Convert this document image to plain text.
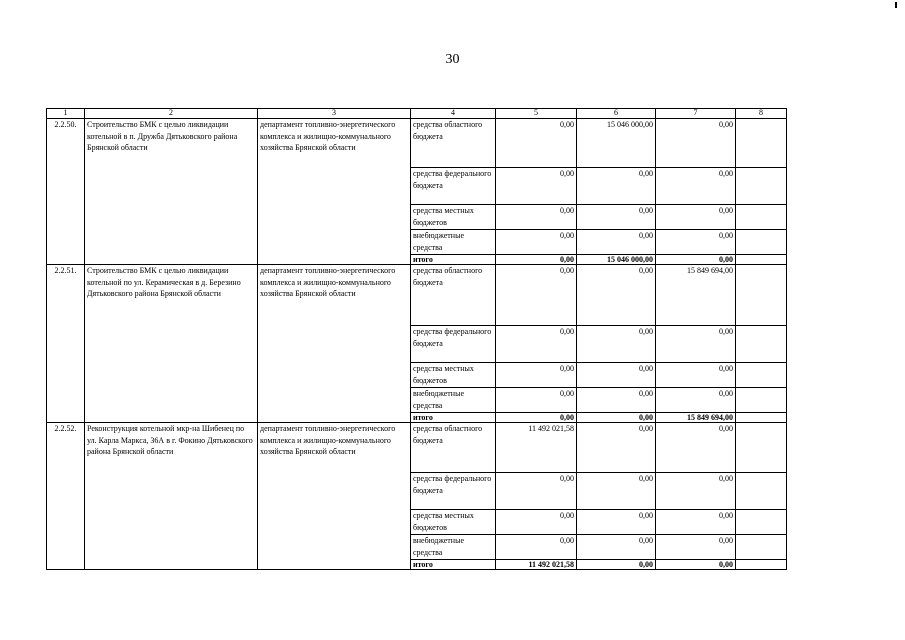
30
1	2	3	4	5	6	7	8
2.2.50.	Строительство БМК с целью ликвидации котельной в п. Дружба Дятьковского района Брянской области	департамент топливно-энергетического комплекса и жилищно-коммунального хозяйства Брянской области	средства областного бюджета	0,00	15 046 000,00	0,00	
			средства федерального бюджета	0,00	0,00	0,00	
			средства местных бюджетов	0,00	0,00	0,00	
			внебюджетные средства	0,00	0,00	0,00	
			итого	0,00	15 046 000,00	0,00	
2.2.51.	Строительство БМК с целью ликвидации котельной по ул. Керамическая в д. Березино Дятьковского района Брянской области	департамент топливно-энергетического комплекса и жилищно-коммунального хозяйства Брянской области	средства областного бюджета	0,00	0,00	15 849 694,00	
			средства федерального бюджета	0,00	0,00	0,00	
			средства местных бюджетов	0,00	0,00	0,00	
			внебюджетные средства	0,00	0,00	0,00	
			итого	0,00	0,00	15 849 694,00	
2.2.52.	Реконструкция котельной мкр-на Шибенец по ул. Карла Маркса, 36А в г. Фокино Дятьковского района Брянской области	департамент топливно-энергетического комплекса и жилищно-коммунального хозяйства Брянской области	средства областного бюджета	11 492 021,58	0,00	0,00	
			средства федерального бюджета	0,00	0,00	0,00	
			средства местных бюджетов	0,00	0,00	0,00	
			внебюджетные средства	0,00	0,00	0,00	
			итого	11 492 021,58	0,00	0,00	
